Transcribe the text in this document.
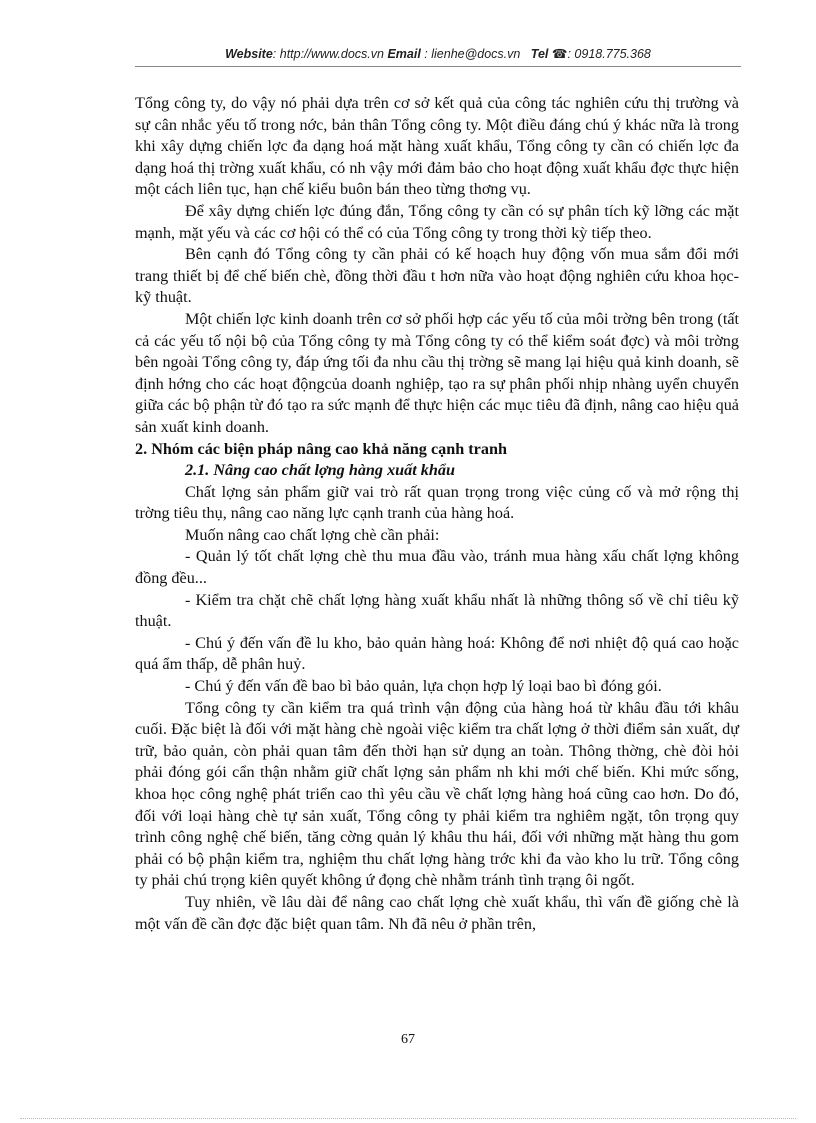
Website: http://www.docs.vn Email : lienhe@docs.vn Tel ☎: 0918.775.368

Tổng công ty, do vậy nó phải dựa trên cơ sở kết quả của công tác nghiên cứu thị trường và sự cân nhắc yếu tố trong nớc, bản thân Tổng công ty. Một điều đáng chú ý khác nữa là trong khi xây dựng chiến lợc đa dạng hoá mặt hàng xuất khẩu, Tổng công ty cần có chiến lợc đa dạng hoá thị trờng xuất khẩu, có nh vậy mới đảm bảo cho hoạt động xuất khẩu đợc thực hiện một cách liên tục, hạn chế kiểu buôn bán theo từng thơng vụ.

Để xây dựng chiến lợc đúng đắn, Tổng công ty cần có sự phân tích kỹ lỡng các mặt mạnh, mặt yếu và các cơ hội có thể có của Tổng công ty trong thời kỳ tiếp theo.

Bên cạnh đó Tổng công ty cần phải có kế hoạch huy động vốn mua sắm đổi mới trang thiết bị để chế biến chè, đồng thời đầu t hơn nữa vào hoạt động nghiên cứu khoa học-kỹ thuật.

Một chiến lợc kinh doanh trên cơ sở phối hợp các yếu tố của môi trờng bên trong (tất cả các yếu tố nội bộ của Tổng công ty mà Tổng công ty có thể kiểm soát đợc) và môi trờng bên ngoài Tổng công ty, đáp ứng tối đa nhu cầu thị trờng sẽ mang lại hiệu quả kinh doanh, sẽ định hớng cho các hoạt độngcủa doanh nghiệp, tạo ra sự phân phối nhịp nhàng uyển chuyển giữa các bộ phận từ đó tạo ra sức mạnh để thực hiện các mục tiêu đã định, nâng cao hiệu quả sản xuất kinh doanh.

2. Nhóm các biện pháp nâng cao khả năng cạnh tranh
2.1. Nâng cao chất lợng hàng xuất khẩu

Chất lợng sản phẩm giữ vai trò rất quan trọng trong việc củng cố và mở rộng thị trờng tiêu thụ, nâng cao năng lực cạnh tranh của hàng hoá.

Muốn nâng cao chất lợng chè cần phải:

- Quản lý tốt chất lợng chè thu mua đầu vào, tránh mua hàng xấu chất lợng không đồng đều...

- Kiểm tra chặt chẽ chất lợng hàng xuất khẩu nhất là những thông số về chỉ tiêu kỹ thuật.

- Chú ý đến vấn đề lu kho, bảo quản hàng hoá: Không để nơi nhiệt độ quá cao hoặc quá ẩm thấp, dễ phân huỷ.

- Chú ý đến vấn đề bao bì bảo quản, lựa chọn hợp lý loại bao bì đóng gói.

Tổng công ty cần kiểm tra quá trình vận động của hàng hoá từ khâu đầu tới khâu cuối. Đặc biệt là đối với mặt hàng chè ngoài việc kiểm tra chất lợng ở thời điểm sản xuất, dự trữ, bảo quản, còn phải quan tâm đến thời hạn sử dụng an toàn. Thông thờng, chè đòi hỏi phải đóng gói cẩn thận nhằm giữ chất lợng sản phẩm nh khi mới chế biến. Khi mức sống, khoa học công nghệ phát triển cao thì yêu cầu về chất lợng hàng hoá cũng cao hơn. Do đó, đối với loại hàng chè tự sản xuất, Tổng công ty phải kiểm tra nghiêm ngặt, tôn trọng quy trình công nghệ chế biến, tăng cờng quản lý khâu thu hái, đối với những mặt hàng thu gom phải có bộ phận kiểm tra, nghiệm thu chất lợng hàng trớc khi đa vào kho lu trữ. Tổng công ty phải chú trọng kiên quyết không ứ đọng chè nhằm tránh tình trạng ôi ngốt.

Tuy nhiên, về lâu dài để nâng cao chất lợng chè xuất khẩu, thì vấn đề giống chè là một vấn đề cần đợc đặc biệt quan tâm. Nh đã nêu ở phần trên,

67
